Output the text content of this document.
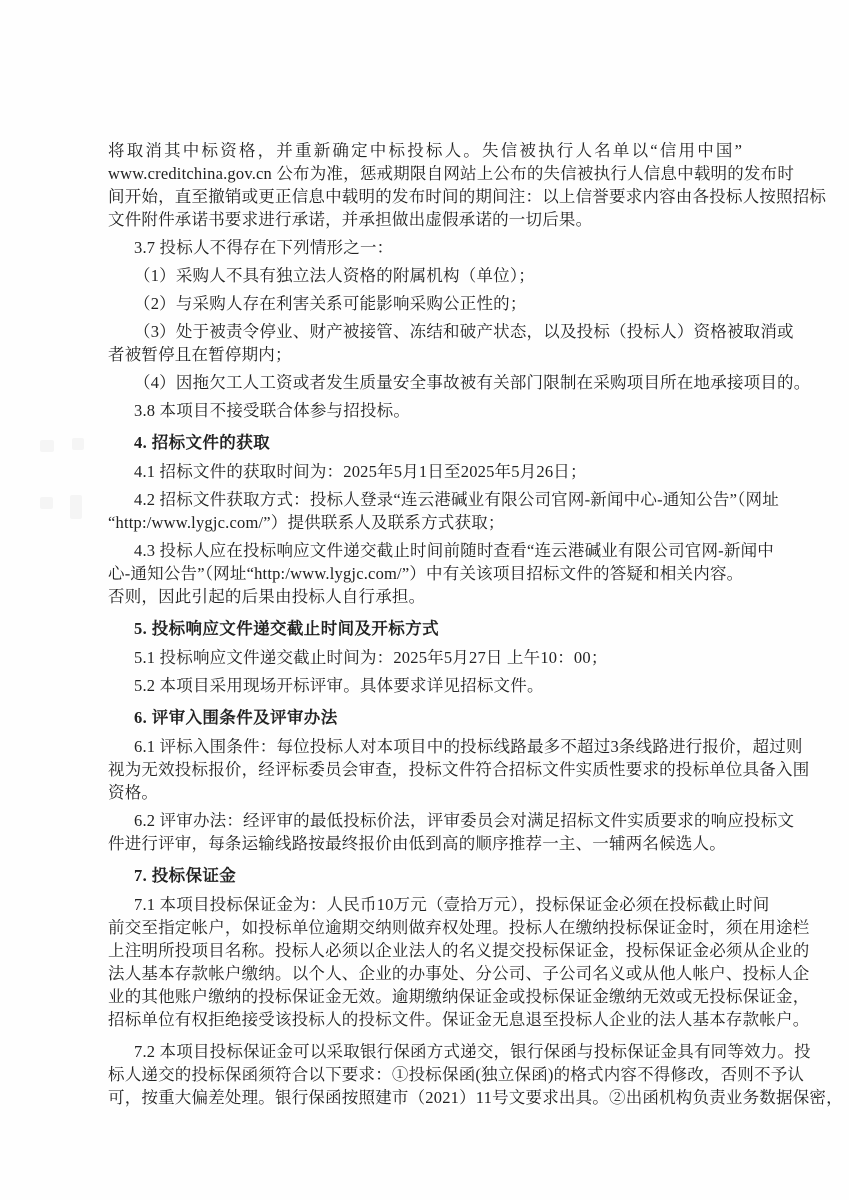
将取消其中标资格，并重新确定中标投标人。失信被执行人名单以“信用中国”
www.creditchina.gov.cn 公布为准，惩戒期限自网站上公布的失信被执行人信息中载明的发布时
间开始，直至撤销或更正信息中载明的发布时间的期间注：以上信誉要求内容由各投标人按照招标
文件附件承诺书要求进行承诺，并承担做出虚假承诺的一切后果。
3.7 投标人不得存在下列情形之一：
（1）采购人不具有独立法人资格的附属机构（单位）；
（2）与采购人存在利害关系可能影响采购公正性的；
（3）处于被责令停业、财产被接管、冻结和破产状态，以及投标（投标人）资格被取消或
者被暂停且在暂停期内；
（4）因拖欠工人工资或者发生质量安全事故被有关部门限制在采购项目所在地承接项目的。
3.8 本项目不接受联合体参与招投标。
4. 招标文件的获取
4.1 招标文件的获取时间为：2025年5月1日至2025年5月26日；
4.2 招标文件获取方式：投标人登录“连云港碱业有限公司官网-新闻中心-通知公告”（网址
“http:/www.lygjc.com/”）提供联系人及联系方式获取；
4.3 投标人应在投标响应文件递交截止时间前随时查看“连云港碱业有限公司官网-新闻中
心-通知公告”（网址“http:/www.lygjc.com/”）中有关该项目招标文件的答疑和相关内容。
否则，因此引起的后果由投标人自行承担。
5. 投标响应文件递交截止时间及开标方式
5.1 投标响应文件递交截止时间为：2025年5月27日 上午10：00；
5.2 本项目采用现场开标评审。具体要求详见招标文件。
6. 评审入围条件及评审办法
6.1 评标入围条件：每位投标人对本项目中的投标线路最多不超过3条线路进行报价，超过则
视为无效投标报价，经评标委员会审查，投标文件符合招标文件实质性要求的投标单位具备入围
资格。
6.2 评审办法：经评审的最低投标价法，评审委员会对满足招标文件实质要求的响应投标文
件进行评审，每条运输线路按最终报价由低到高的顺序推荐一主、一辅两名候选人。
7. 投标保证金
7.1 本项目投标保证金为：人民币10万元（壹拾万元），投标保证金必须在投标截止时间
前交至指定帐户，如投标单位逾期交纳则做弃权处理。投标人在缴纳投标保证金时，须在用途栏
上注明所投项目名称。投标人必须以企业法人的名义提交投标保证金，投标保证金必须从企业的
法人基本存款帐户缴纳。以个人、企业的办事处、分公司、子公司名义或从他人帐户、投标人企
业的其他账户缴纳的投标保证金无效。逾期缴纳保证金或投标保证金缴纳无效或无投标保证金，
招标单位有权拒绝接受该投标人的投标文件。保证金无息退至投标人企业的法人基本存款帐户。
7.2 本项目投标保证金可以采取银行保函方式递交，银行保函与投标保证金具有同等效力。投
标人递交的投标保函须符合以下要求：①投标保函(独立保函)的格式内容不得修改，否则不予认
可，按重大偏差处理。银行保函按照建市（2021）11号文要求出具。②出函机构负责业务数据保密，
